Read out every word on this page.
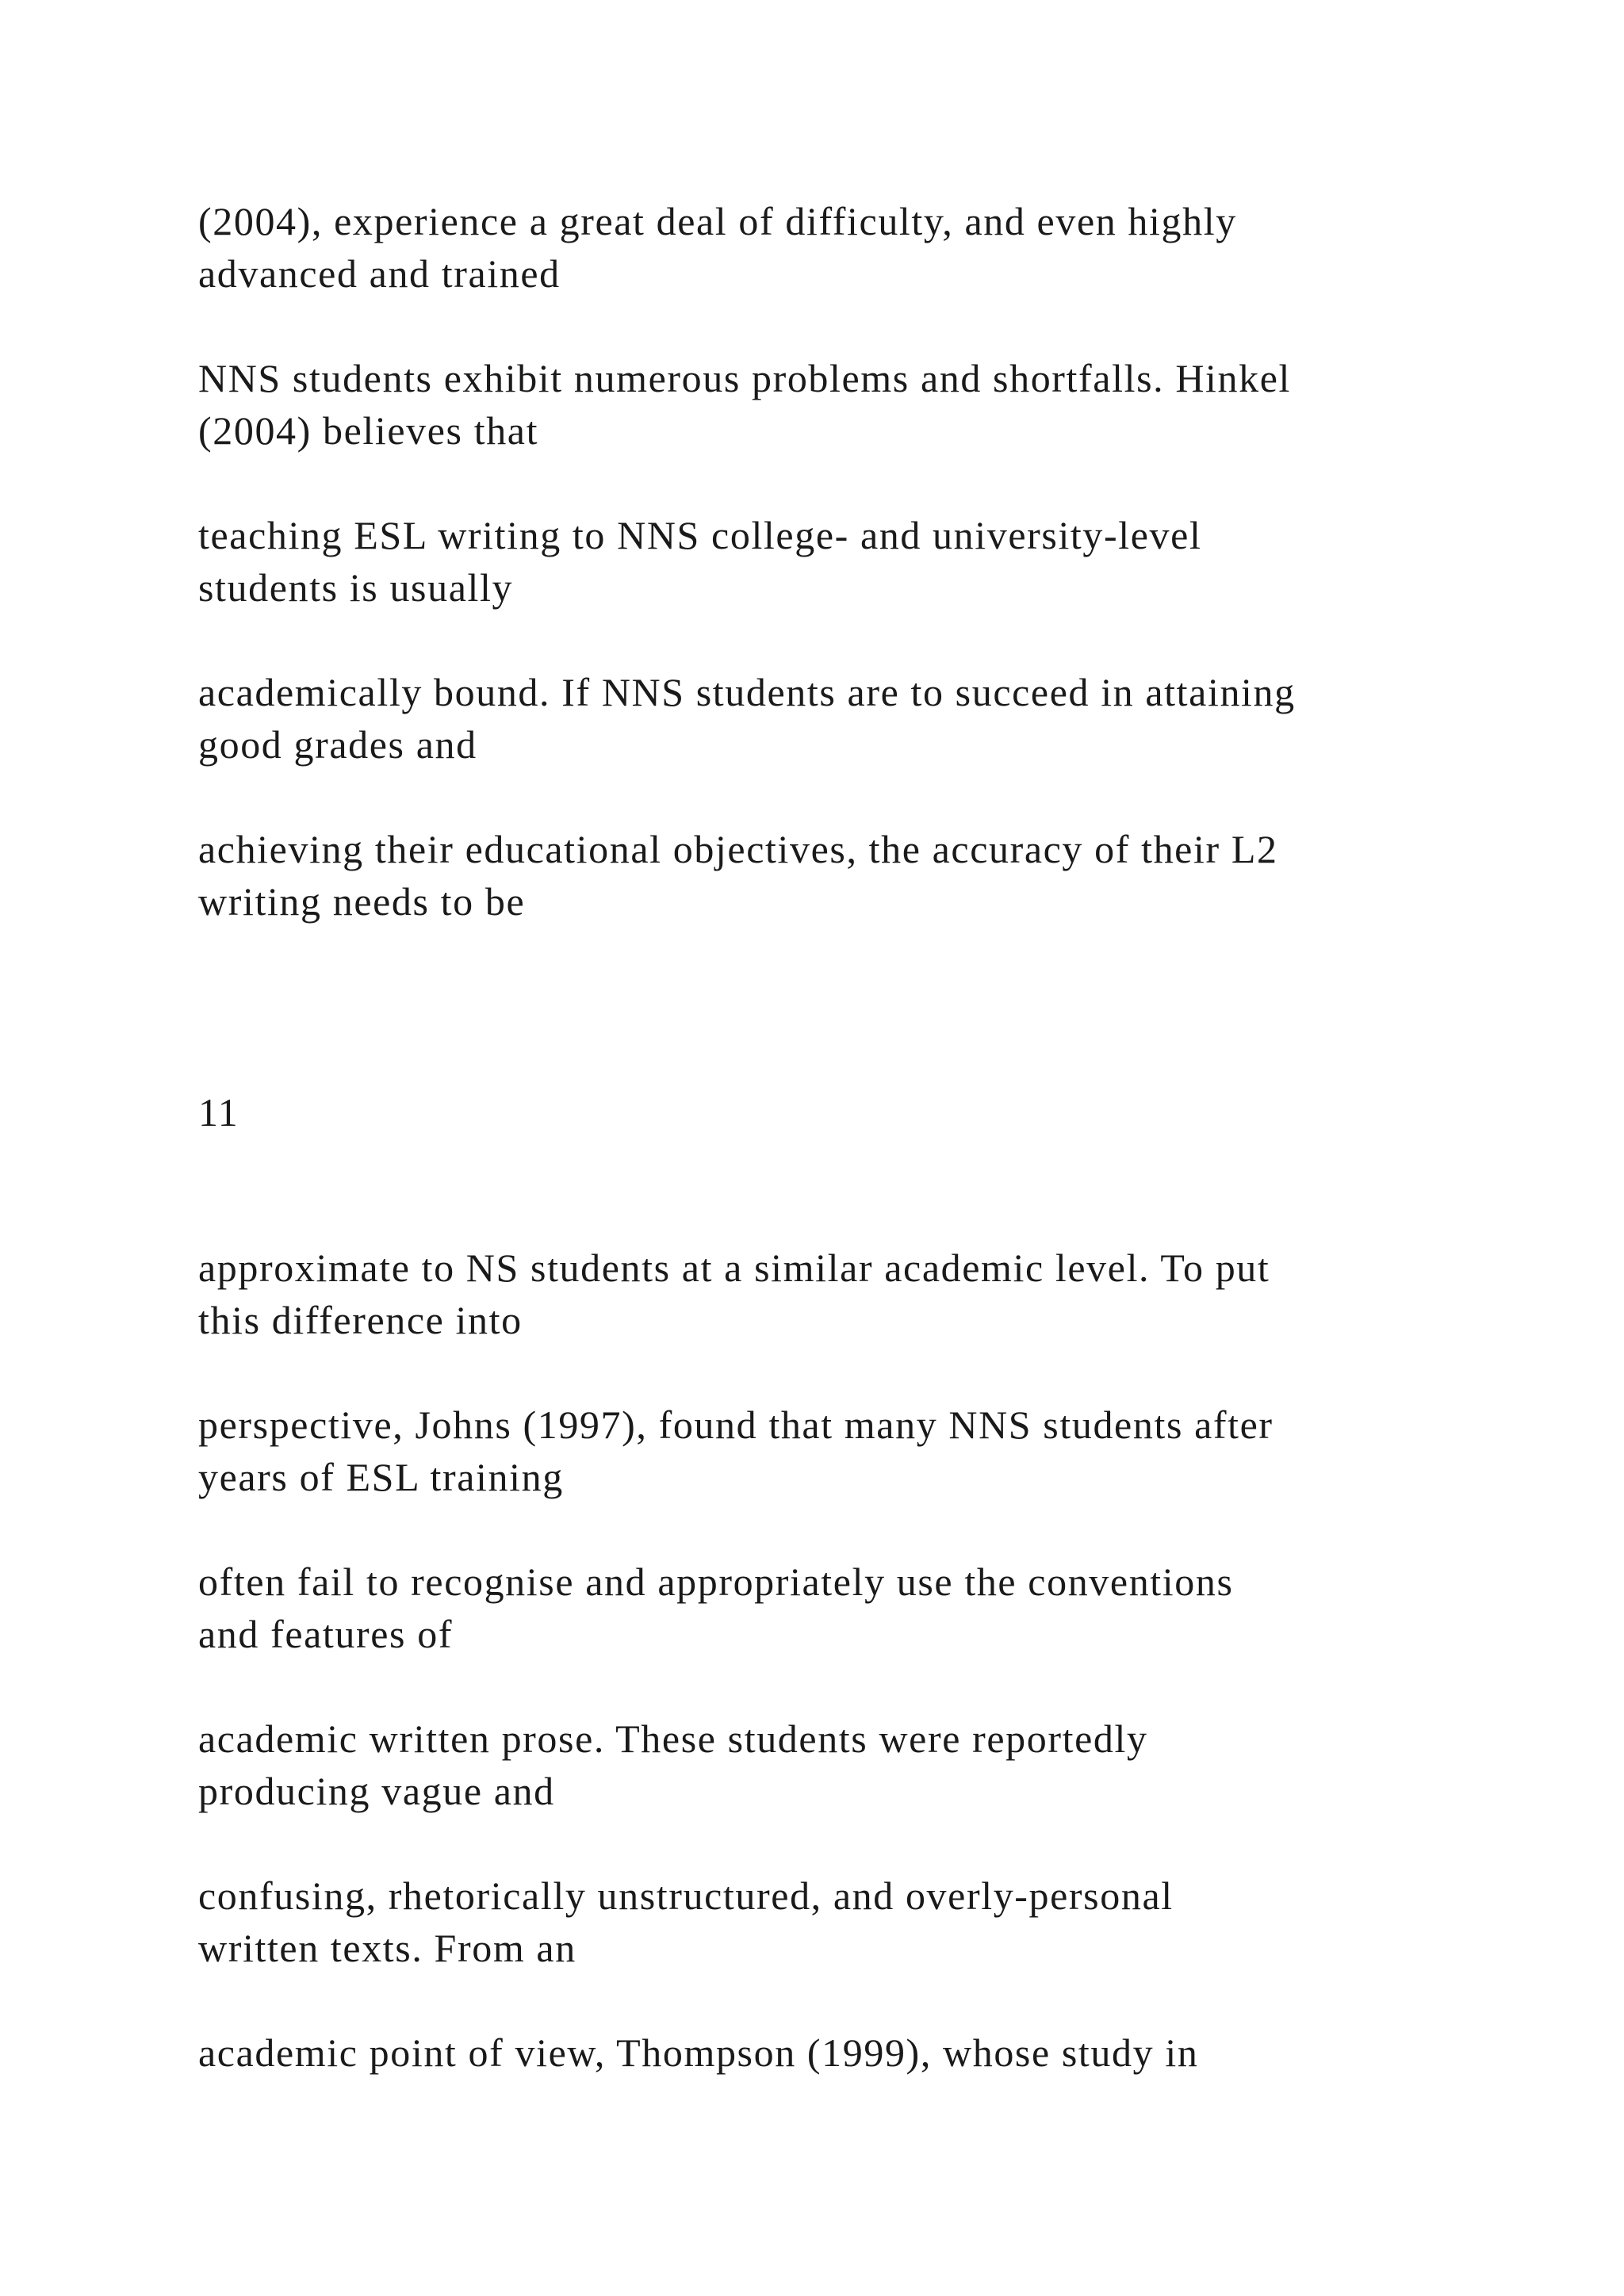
(2004), experience a great deal of difficulty, and even highly
advanced and trained

NNS students exhibit numerous problems and shortfalls. Hinkel
(2004) believes that

teaching ESL writing to NNS college- and university-level
students is usually

academically bound. If NNS students are to succeed in attaining
good grades and

achieving their educational objectives, the accuracy of their L2
writing needs to be

11

approximate to NS students at a similar academic level. To put
this difference into

perspective, Johns (1997), found that many NNS students after
years of ESL training

often fail to recognise and appropriately use the conventions
and features of

academic written prose. These students were reportedly
producing vague and

confusing, rhetorically unstructured, and overly-personal
written texts. From an

academic point of view, Thompson (1999), whose study in
